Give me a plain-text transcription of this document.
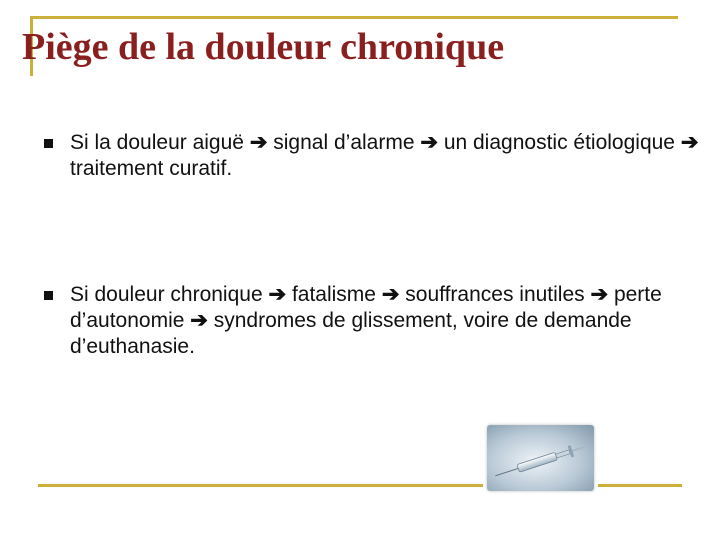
Piège de la douleur chronique
Si la douleur aiguë ➔ signal d’alarme ➔ un diagnostic étiologique ➔ traitement curatif.
Si douleur chronique ➔ fatalisme ➔ souffrances inutiles ➔ perte d’autonomie ➔ syndromes de glissement, voire de demande d’euthanasie.
